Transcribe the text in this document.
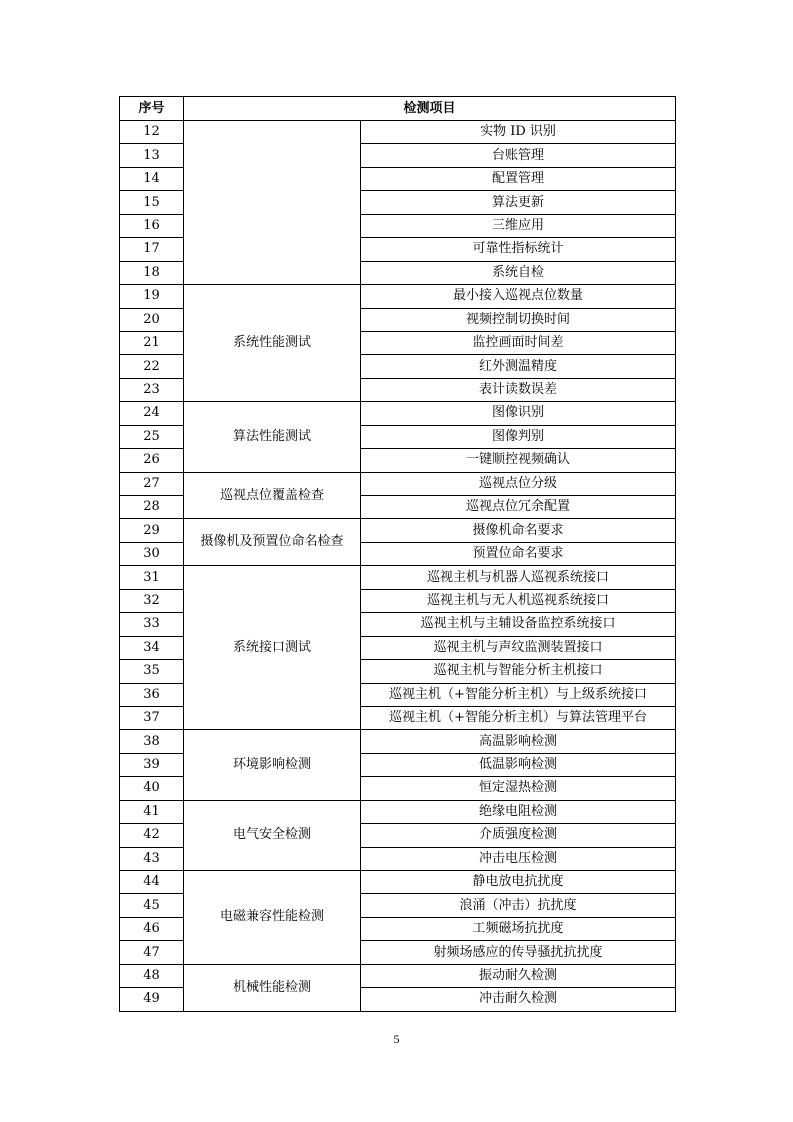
序号	检测项目	
12		实物 ID 识别
13		台账管理
14		配置管理
15		算法更新
16		三维应用
17		可靠性指标统计
18		系统自检
19	系统性能测试	最小接入巡视点位数量
20		视频控制切换时间
21		监控画面时间差
22		红外测温精度
23		表计读数误差
24	算法性能测试	图像识别
25		图像判别
26		一键顺控视频确认
27	巡视点位覆盖检查	巡视点位分级
28		巡视点位冗余配置
29	摄像机及预置位命名检查	摄像机命名要求
30		预置位命名要求
31	系统接口测试	巡视主机与机器人巡视系统接口
32		巡视主机与无人机巡视系统接口
33		巡视主机与主辅设备监控系统接口
34		巡视主机与声纹监测装置接口
35		巡视主机与智能分析主机接口
36		巡视主机（+智能分析主机）与上级系统接口
37		巡视主机（+智能分析主机）与算法管理平台
38	环境影响检测	高温影响检测
39		低温影响检测
40		恒定湿热检测
41	电气安全检测	绝缘电阻检测
42		介质强度检测
43		冲击电压检测
44	电磁兼容性能检测	静电放电抗扰度
45		浪涌（冲击）抗扰度
46		工频磁场抗扰度
47		射频场感应的传导骚扰抗扰度
48	机械性能检测	振动耐久检测
49		冲击耐久检测
5
